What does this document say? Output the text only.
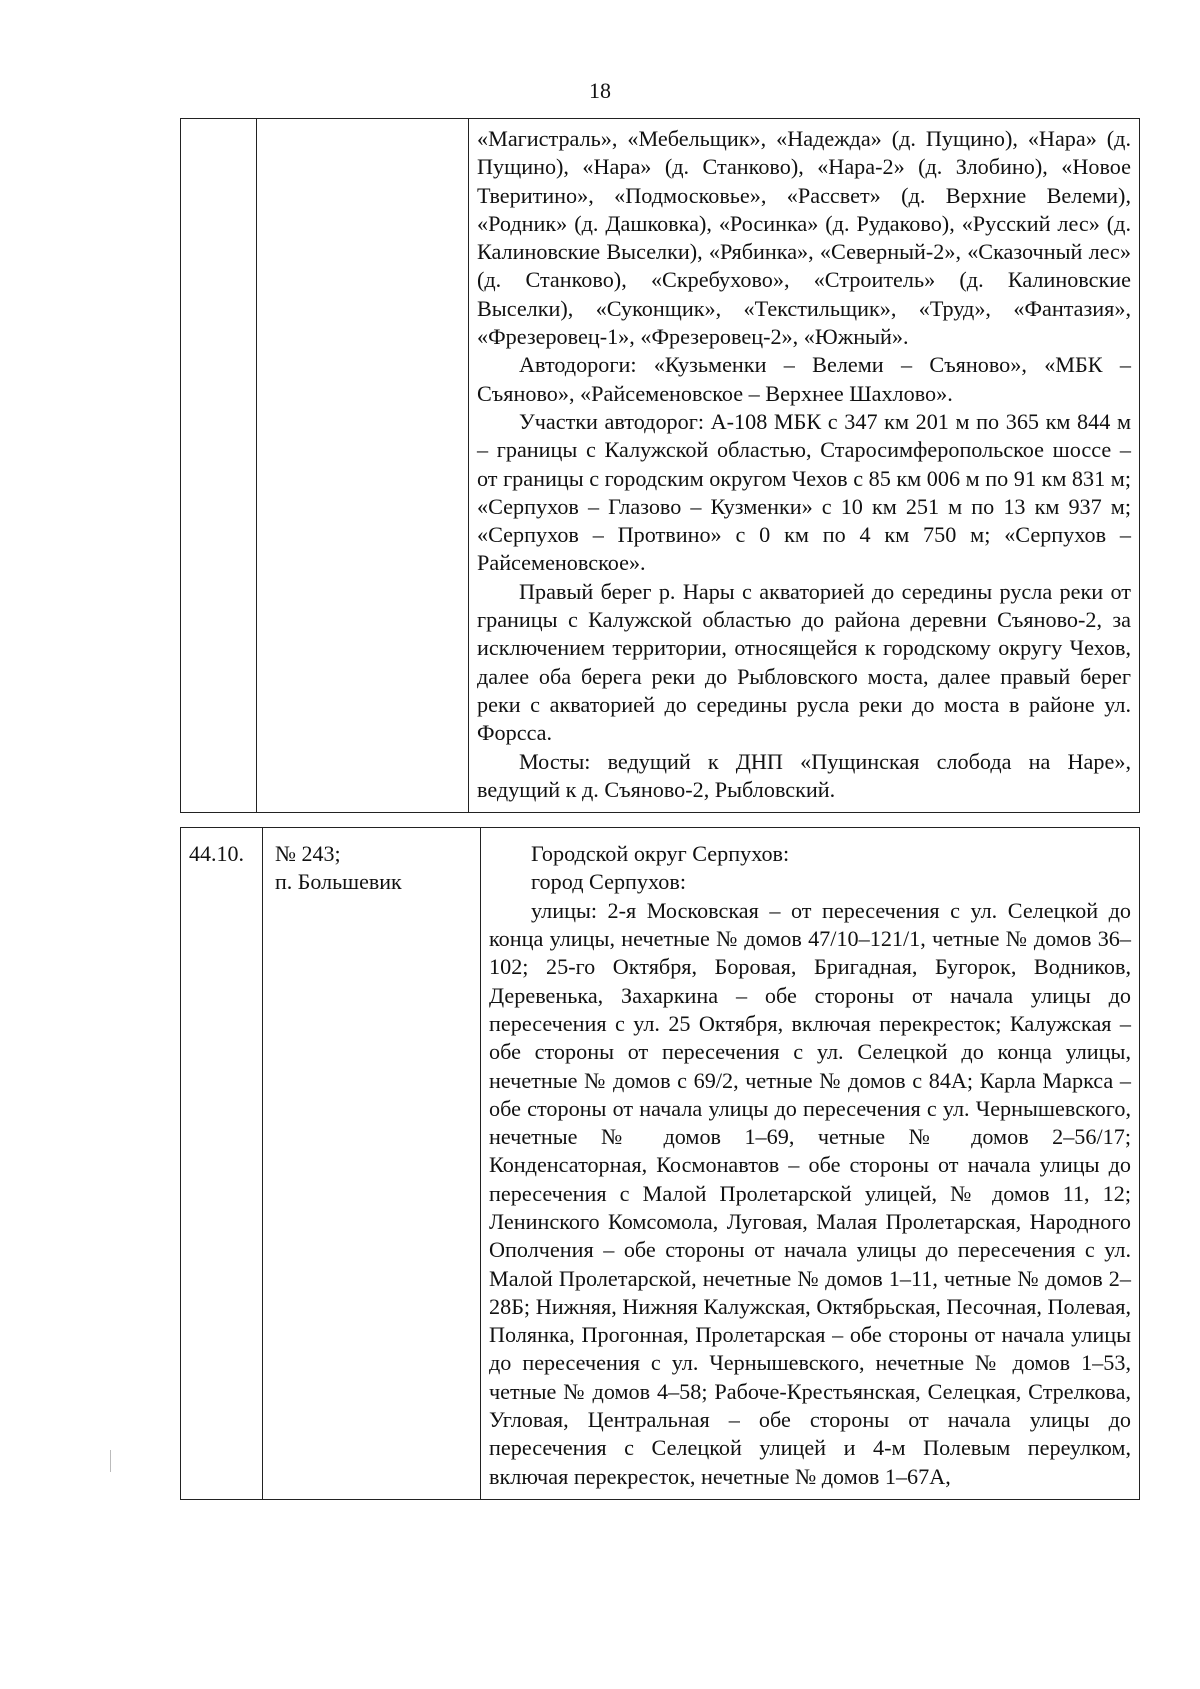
18

«Магистраль», «Мебельщик», «Надежда» (д. Пущино), «Нара» (д. Пущино), «Нара» (д. Станково), «Нара-2» (д. Злобино), «Новое Тверитино», «Подмосковье», «Рассвет» (д. Верхние Велеми), «Родник» (д. Дашковка), «Росинка» (д. Рудаково), «Русский лес» (д. Калиновские Выселки), «Рябинка», «Северный-2», «Сказочный лес» (д. Станково), «Скребухово», «Строитель» (д. Калиновские Выселки), «Суконщик», «Текстильщик», «Труд», «Фантазия», «Фрезеровец-1», «Фрезеровец-2», «Южный».

Автодороги: «Кузьменки – Велеми – Съяново», «МБК – Съяново», «Райсеменовское – Верхнее Шахлово».

Участки автодорог: А-108 МБК с 347 км 201 м по 365 км 844 м – границы с Калужской областью, Старосимферопольское шоссе – от границы с городским округом Чехов с 85 км 006 м по 91 км 831 м; «Серпухов – Глазово – Кузменки» с 10 км 251 м по 13 км 937 м; «Серпухов – Протвино» с 0 км по 4 км 750 м; «Серпухов – Райсеменовское».

Правый берег р. Нары с акваторией до середины русла реки от границы с Калужской областью до района деревни Съяново-2, за исключением территории, относящейся к городскому округу Чехов, далее оба берега реки до Рыбловского моста, далее правый берег реки с акваторией до середины русла реки до моста в районе ул. Форсса.

Мосты: ведущий к ДНП «Пущинская слобода на Наре», ведущий к д. Съяново-2, Рыбловский.

44.10.	№ 243;
п. Большевик

Городской округ Серпухов:

город Серпухов:

улицы: 2-я Московская – от пересечения с ул. Селецкой до конца улицы, нечетные № домов 47/10–121/1, четные № домов 36–102; 25-го Октября, Боровая, Бригадная, Бугорок, Водников, Деревенька, Захаркина – обе стороны от начала улицы до пересечения с ул. 25 Октября, включая перекресток; Калужская – обе стороны от пересечения с ул. Селецкой до конца улицы, нечетные № домов с 69/2, четные № домов с 84А; Карла Маркса – обе стороны от начала улицы до пересечения с ул. Чернышевского, нечетные № домов 1–69, четные № домов 2–56/17; Конденсаторная, Космонавтов – обе стороны от начала улицы до пересечения с Малой Пролетарской улицей, № домов 11, 12; Ленинского Комсомола, Луговая, Малая Пролетарская, Народного Ополчения – обе стороны от начала улицы до пересечения с ул. Малой Пролетарской, нечетные № домов 1–11, четные № домов 2–28Б; Нижняя, Нижняя Калужская, Октябрьская, Песочная, Полевая, Полянка, Прогонная, Пролетарская – обе стороны от начала улицы до пересечения с ул. Чернышевского, нечетные № домов 1–53, четные № домов 4–58; Рабоче-Крестьянская, Селецкая, Стрелкова, Угловая, Центральная – обе стороны от начала улицы до пересечения с Селецкой улицей и 4-м Полевым переулком, включая перекресток, нечетные № домов 1–67А,
